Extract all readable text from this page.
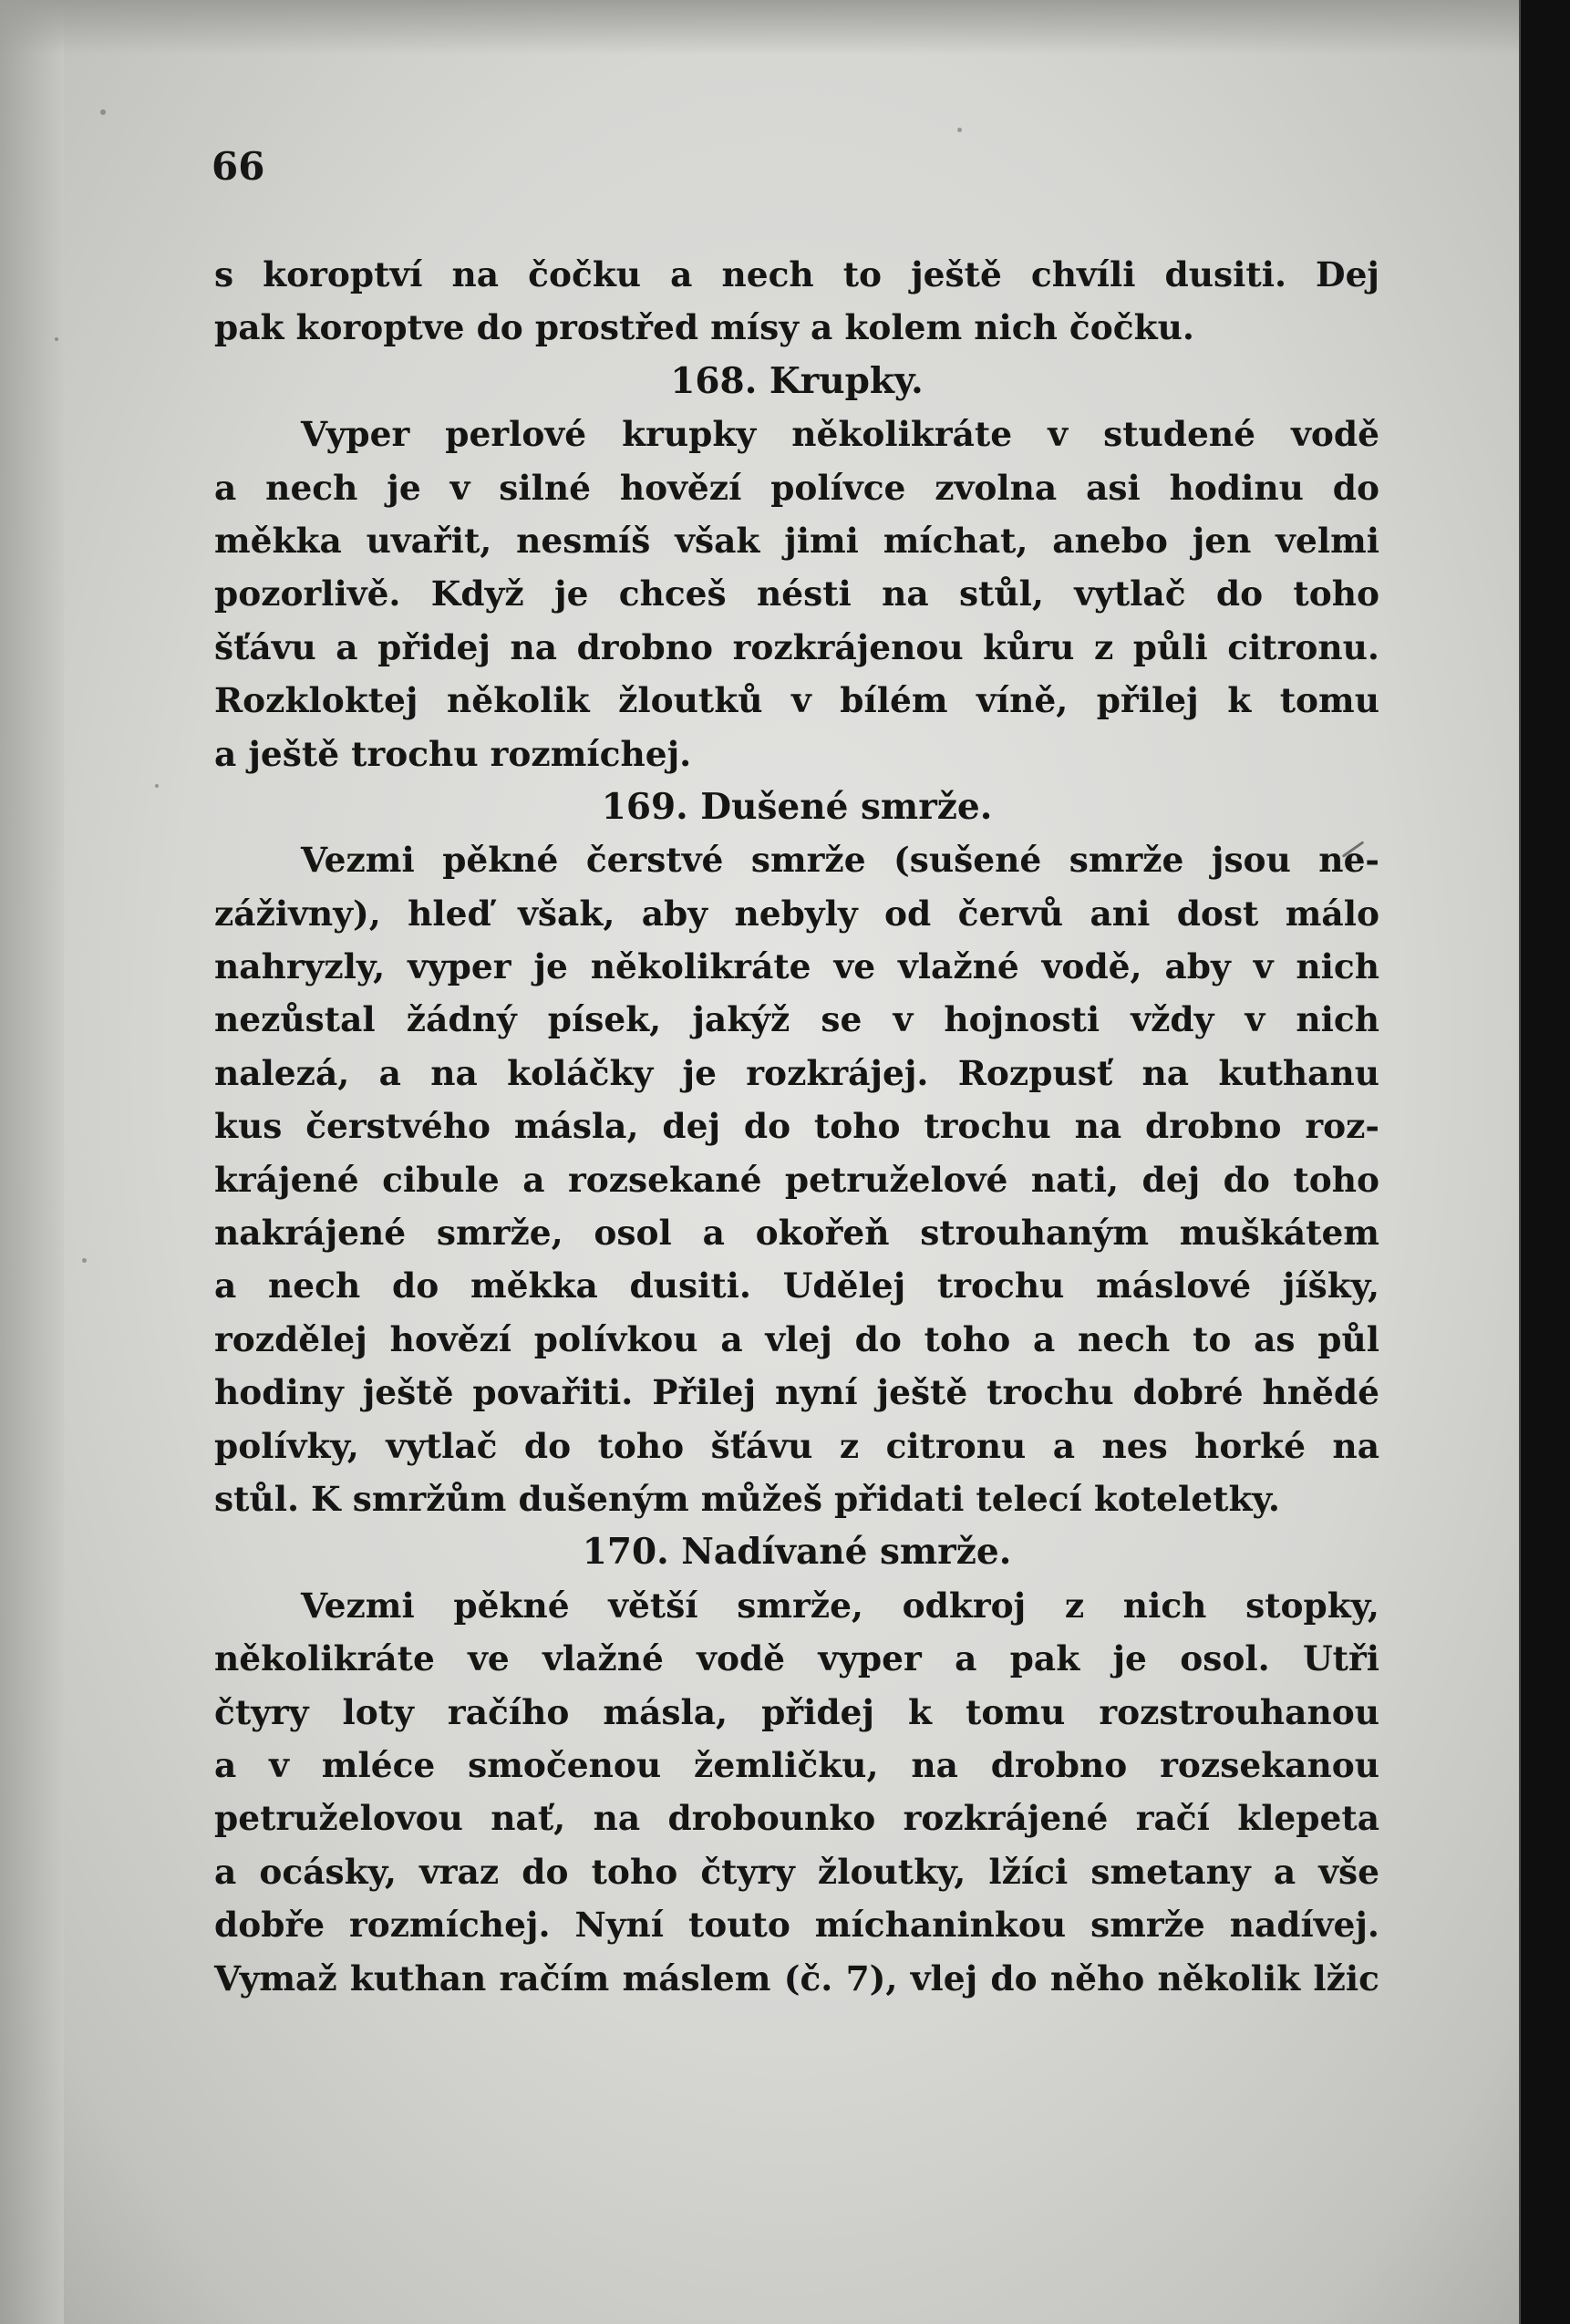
66
s koroptví na čočku a nech to ještě chvíli dusiti. Dej
pak koroptve do prostřed mísy a kolem nich čočku.
168. Krupky.
Vyper perlové krupky několikráte v studené vodě
a nech je v silné hovězí polívce zvolna asi hodinu do
měkka uvařit, nesmíš však jimi míchat, anebo jen velmi
pozorlivě. Když je chceš nésti na stůl, vytlač do toho
šťávu a přidej na drobno rozkrájenou kůru z půli citronu.
Rozkloktej několik žloutků v bílém víně, přilej k tomu
a ještě trochu rozmíchej.
169. Dušené smrže.
Vezmi pěkné čerstvé smrže (sušené smrže jsou ne-
záživny), hleď však, aby nebyly od červů ani dost málo
nahryzly, vyper je několikráte ve vlažné vodě, aby v nich
nezůstal žádný písek, jakýž se v hojnosti vždy v nich
nalezá, a na koláčky je rozkrájej. Rozpusť na kuthanu
kus čerstvého másla, dej do toho trochu na drobno roz-
krájené cibule a rozsekané petruželové nati, dej do toho
nakrájené smrže, osol a okořeň strouhaným muškátem
a nech do měkka dusiti. Udělej trochu máslové jíšky,
rozdělej hovězí polívkou a vlej do toho a nech to as půl
hodiny ještě povařiti. Přilej nyní ještě trochu dobré hnědé
polívky, vytlač do toho šťávu z citronu a nes horké na
stůl. K smržům dušeným můžeš přidati telecí koteletky.
170. Nadívané smrže.
Vezmi pěkné větší smrže, odkroj z nich stopky,
několikráte ve vlažné vodě vyper a pak je osol. Utři
čtyry loty račího másla, přidej k tomu rozstrouhanou
a v mléce smočenou žemličku, na drobno rozsekanou
petruželovou nať, na drobounko rozkrájené račí klepeta
a ocásky, vraz do toho čtyry žloutky, lžíci smetany a vše
dobře rozmíchej. Nyní touto míchaninkou smrže nadívej.
Vymaž kuthan račím máslem (č. 7), vlej do něho několik lžic
